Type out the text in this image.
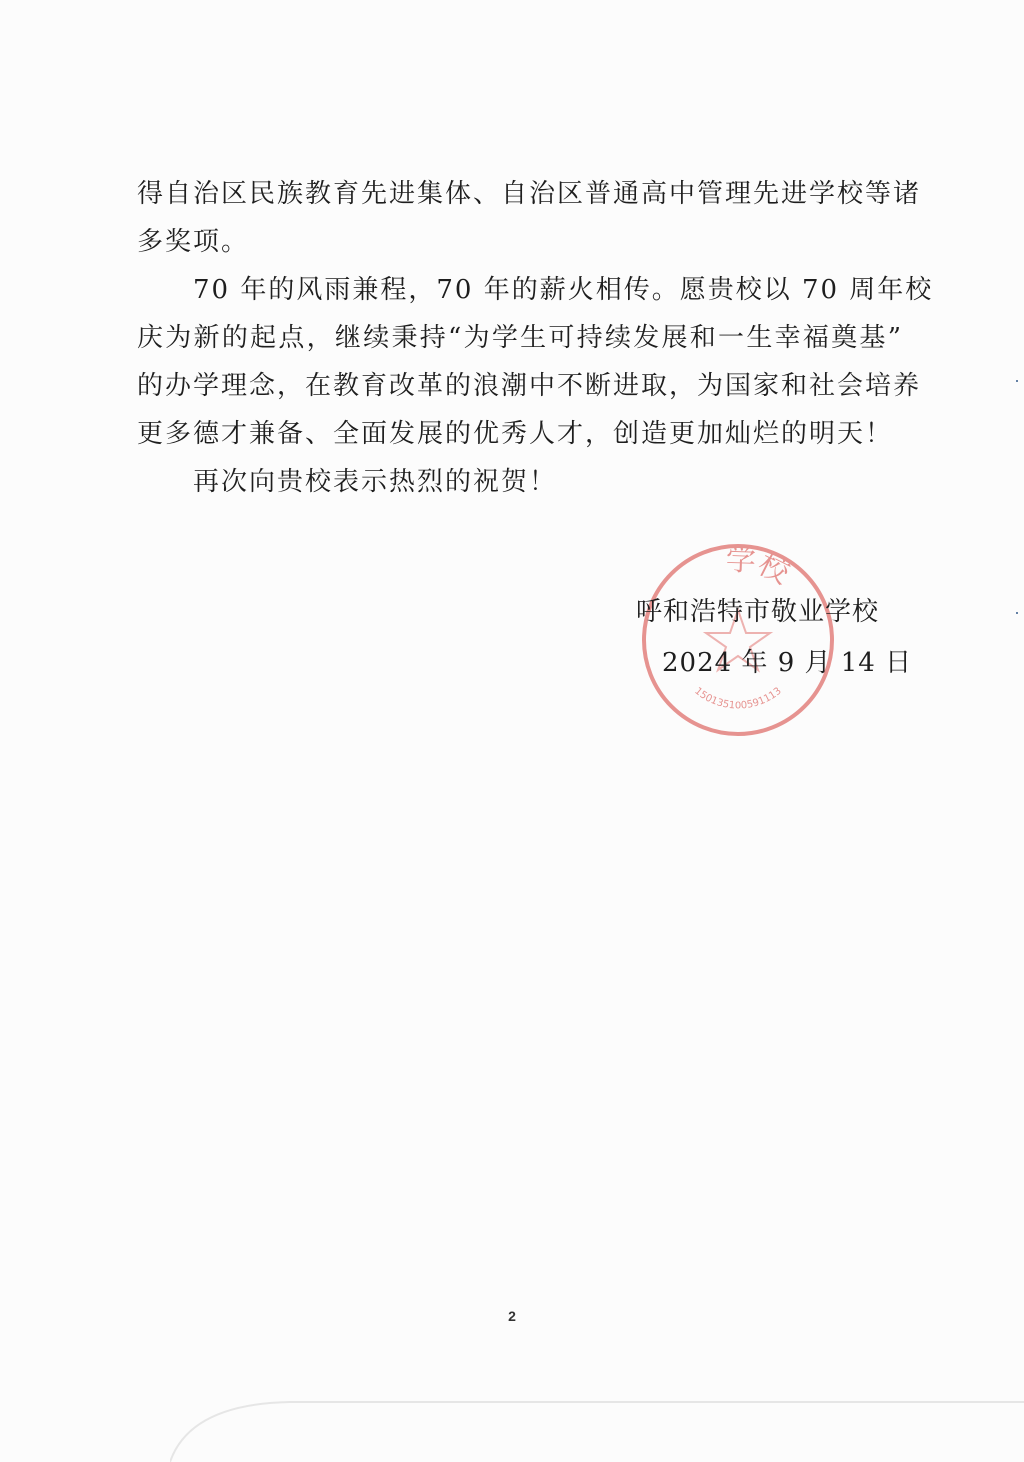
得自治区民族教育先进集体、自治区普通高中管理先进学校等诸
多奖项。
70 年的风雨兼程，70 年的薪火相传。愿贵校以 70 周年校
庆为新的起点，继续秉持“为学生可持续发展和一生幸福奠基”
的办学理念，在教育改革的浪潮中不断进取，为国家和社会培养
更多德才兼备、全面发展的优秀人才，创造更加灿烂的明天！
再次向贵校表示热烈的祝贺！
学校
150135100591113
呼和浩特市敬业学校
2024 年 9 月 14 日
2
